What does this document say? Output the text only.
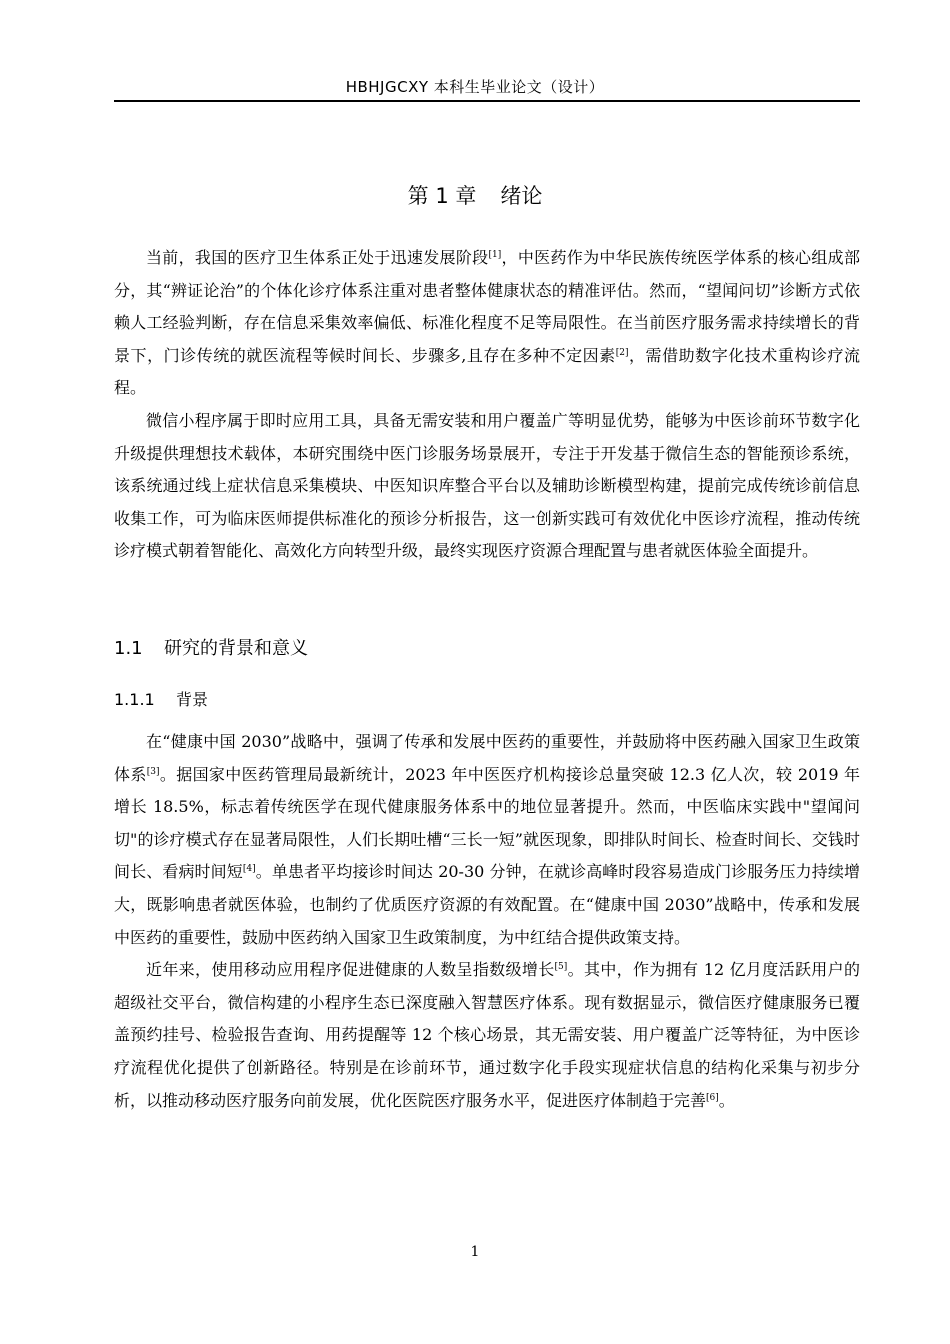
HBHJGCXY 本科生毕业论文（设计）
第 1 章 绪论

当前，我国的医疗卫生体系正处于迅速发展阶段[1]，中医药作为中华民族传统医学体系的核心组成部分，其“辨证论治”的个体化诊疗体系注重对患者整体健康状态的精准评估。然而，“望闻问切”诊断方式依赖人工经验判断，存在信息采集效率偏低、标准化程度不足等局限性。在当前医疗服务需求持续增长的背景下，门诊传统的就医流程等候时间长、步骤多,且存在多种不定因素[2]，需借助数字化技术重构诊疗流程。

微信小程序属于即时应用工具，具备无需安装和用户覆盖广等明显优势，能够为中医诊前环节数字化升级提供理想技术载体，本研究围绕中医门诊服务场景展开，专注于开发基于微信生态的智能预诊系统，该系统通过线上症状信息采集模块、中医知识库整合平台以及辅助诊断模型构建，提前完成传统诊前信息收集工作，可为临床医师提供标准化的预诊分析报告，这一创新实践可有效优化中医诊疗流程，推动传统诊疗模式朝着智能化、高效化方向转型升级，最终实现医疗资源合理配置与患者就医体验全面提升。

1.1 研究的背景和意义
1.1.1 背景

在“健康中国 2030”战略中，强调了传承和发展中医药的重要性，并鼓励将中医药融入国家卫生政策体系[3]。据国家中医药管理局最新统计，2023 年中医医疗机构接诊总量突破 12.3 亿人次，较 2019 年增长 18.5%，标志着传统医学在现代健康服务体系中的地位显著提升。然而，中医临床实践中"望闻问切"的诊疗模式存在显著局限性，人们长期吐槽“三长一短”就医现象，即排队时间长、检查时间长、交钱时间长、看病时间短[4]。单患者平均接诊时间达 20-30 分钟，在就诊高峰时段容易造成门诊服务压力持续增大，既影响患者就医体验，也制约了优质医疗资源的有效配置。在“健康中国 2030”战略中，传承和发展中医药的重要性，鼓励中医药纳入国家卫生政策制度，为中红结合提供政策支持。

近年来，使用移动应用程序促进健康的人数呈指数级增长[5]。其中，作为拥有 12 亿月度活跃用户的超级社交平台，微信构建的小程序生态已深度融入智慧医疗体系。现有数据显示，微信医疗健康服务已覆盖预约挂号、检验报告查询、用药提醒等 12 个核心场景，其无需安装、用户覆盖广泛等特征，为中医诊疗流程优化提供了创新路径。特别是在诊前环节，通过数字化手段实现症状信息的结构化采集与初步分析，以推动移动医疗服务向前发展，优化医院医疗服务水平，促进医疗体制趋于完善[6]。

1
